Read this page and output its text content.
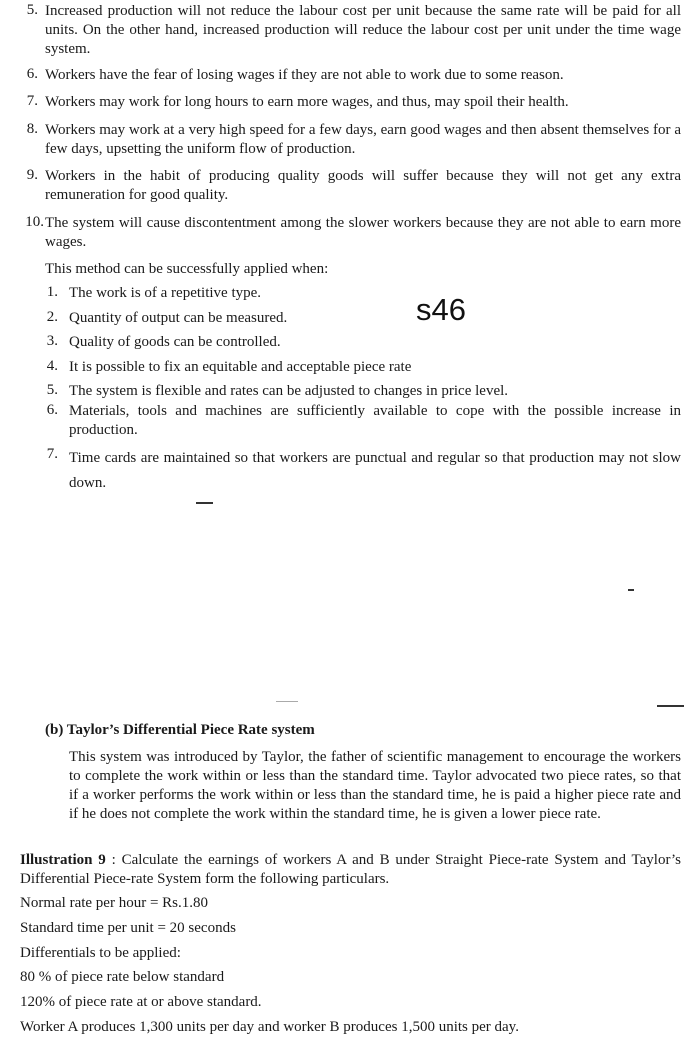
5. Increased production will not reduce the labour cost per unit because the same rate will be paid for all units. On the other hand, increased production will reduce the labour cost per unit under the time wage system.
6. Workers have the fear of losing wages if they are not able to work due to some reason.
7. Workers may work for long hours to earn more wages, and thus, may spoil their health.
8. Workers may work at a very high speed for a few days, earn good wages and then absent themselves for a few days, upsetting the uniform flow of production.
9. Workers in the habit of producing quality goods will suffer because they will not get any extra remuneration for good quality.
10. The system will cause discontentment among the slower workers because they are not able to earn more wages.
This method can be successfully applied when:
1. The work is of a repetitive type.
2. Quantity of output can be measured.
3. Quality of goods can be controlled.
4. It is possible to fix an equitable and acceptable piece rate
5. The system is flexible and rates can be adjusted to changes in price level.
6. Materials, tools and machines are sufficiently available to cope with the possible increase in production.
7. Time cards are maintained so that workers are punctual and regular so that production may not slow down.
s46
(b) Taylor’s Differential Piece Rate system
This system was introduced by Taylor, the father of scientific management to encourage the workers to complete the work within or less than the standard time. Taylor advocated two piece rates, so that if a worker performs the work within or less than the standard time, he is paid a higher piece rate and if he does not complete the work within the standard time, he is given a lower piece rate.
Illustration 9 : Calculate the earnings of workers A and B under Straight Piece-rate System and Taylor’s Differential Piece-rate System form the following particulars.
Normal rate per hour = Rs.1.80
Standard time per unit = 20 seconds
Differentials to be applied:
80 % of piece rate below standard
120% of piece rate at or above standard.
Worker A produces 1,300 units per day and worker B produces 1,500 units per day.
